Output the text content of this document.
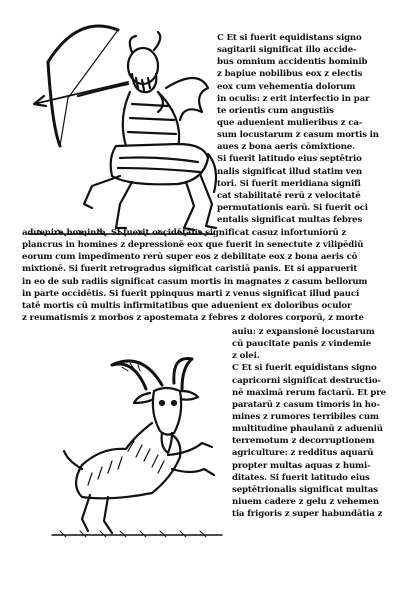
C Et si fuerit equidistans signo
sagitarii significat illo accide-
bus omnium accidentis hominib
z bapiue nobilibus eox z electis
eox cum vehementia dolorum
in oculis: z erit interfectio in par
te orientis cum angustiis
que aduenient mulieribus z ca-
sum locustarum z casum mortis in
aues z bona aeris cōmixtione.
Si fuerit latitudo eius septētrio
nalis significat illud statim ven
tori. Si fuerit meridiana signifi
cat stabilitatē rerū z velocitatē
permutationis earū. Si fuerit oci
entalis significat multas febres
aduenire hominib. Si fuerit occidētalis significat casuz infortuniorū z
plancrus in homines z depressionē eox que fuerit in senectute z vilipēdiū
eorum cum impedimento rerū super eos z debilitate eox z bona aeris cō
mixtionē. Si fuerit retrogradus significat caristiā panis. Et si apparuerit
in eo de sub radiis significat casum mortis in magnates z casum bellorum
in parte occidētis. Si fuerit ppinquus marti z venus significat illud pauci
tatē mortis cū multis infirmitatibus que aduenient ex doloribus oculor
z reumatismis z morbos z apostemata z febres z dolores corporū, z morte
auiu: z expansionē locustarum
cū paucitate panis z vindemie
z olei.
C Et si fuerit equidistans signo
capricorni significat destructio-
nē maximā rerum factarū. Et pre
paratarū z casum timoris in ho-
mines z rumores terribiles cum
multitudine phaulanū z adueniū
terremotum z decorruptionem
agriculture: z redditus aquarū
propter multas aquas z humi-
ditates. Si fuerit latitudo eius
septētrionalis significat multas
niuem cadere z gelu z vehemen
tia frigoris z super habundātia z
